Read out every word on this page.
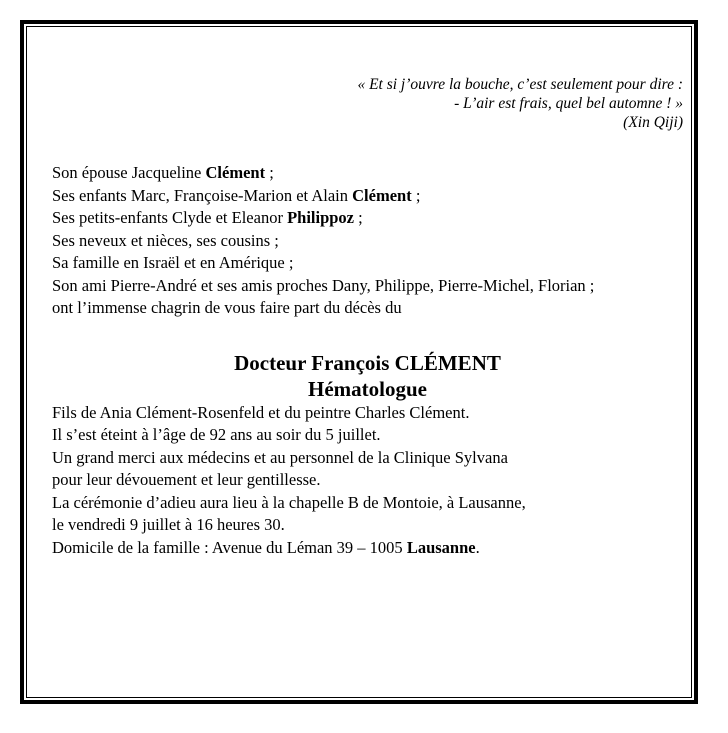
« Et si j’ouvre la bouche, c’est seulement pour dire :
- L’air est frais, quel bel automne ! »
(Xin Qiji)
Son épouse Jacqueline Clément ;
Ses enfants Marc, Françoise-Marion et Alain Clément ;
Ses petits-enfants Clyde et Eleanor Philippoz ;
Ses neveux et nièces, ses cousins ;
Sa famille en Israël et en Amérique ;
Son ami Pierre-André et ses amis proches Dany, Philippe, Pierre-Michel, Florian ;

ont l’immense chagrin de vous faire part du décès du

Docteur François CLÉMENT
Hématologue

Fils de Ania Clément-Rosenfeld et du peintre Charles Clément.
Il s’est éteint à l’âge de 92 ans au soir du 5 juillet.

Un grand merci aux médecins et au personnel de la Clinique Sylvana
pour leur dévouement et leur gentillesse.

La cérémonie d’adieu aura lieu à la chapelle B de Montoie, à Lausanne,
le vendredi 9 juillet à 16 heures 30.

Domicile de la famille : Avenue du Léman 39 – 1005 Lausanne.
